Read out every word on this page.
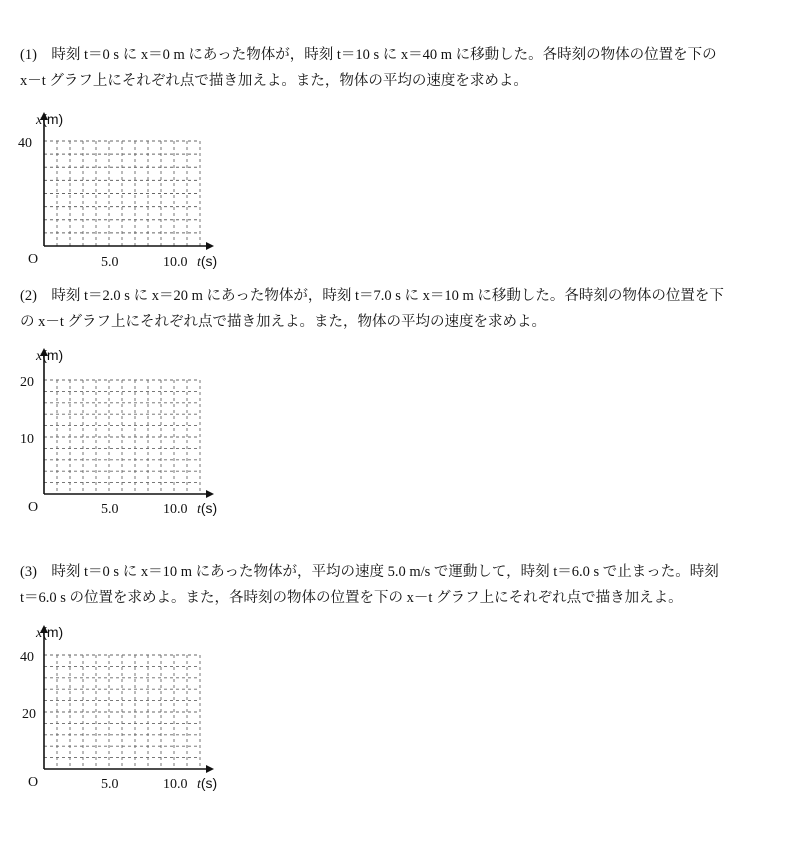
(1)　時刻 t＝0 s に x＝0 m にあった物体が，時刻 t＝10 s に x＝40 m に移動した。各時刻の物体の位置を下の
x－t グラフ上にそれぞれ点で描き加えよ。また，物体の平均の速度を求めよ。

(2)　時刻 t＝2.0 s に x＝20 m にあった物体が，時刻 t＝7.0 s に x＝10 m に移動した。各時刻の物体の位置を下
の x－t グラフ上にそれぞれ点で描き加えよ。また，物体の平均の速度を求めよ。

(3)　時刻 t＝0 s に x＝10 m にあった物体が，平均の速度 5.0 m/s で運動して，時刻 t＝6.0 s で止まった。時刻
t＝6.0 s の位置を求めよ。また，各時刻の物体の位置を下の x－t グラフ上にそれぞれ点で描き加えよ。

x(m)
40
O	5.0	10.0 t(s)
x(m)
20
10
O	5.0	10.0 t(s)
x(m)
40
20
O	5.0	10.0 t(s)
